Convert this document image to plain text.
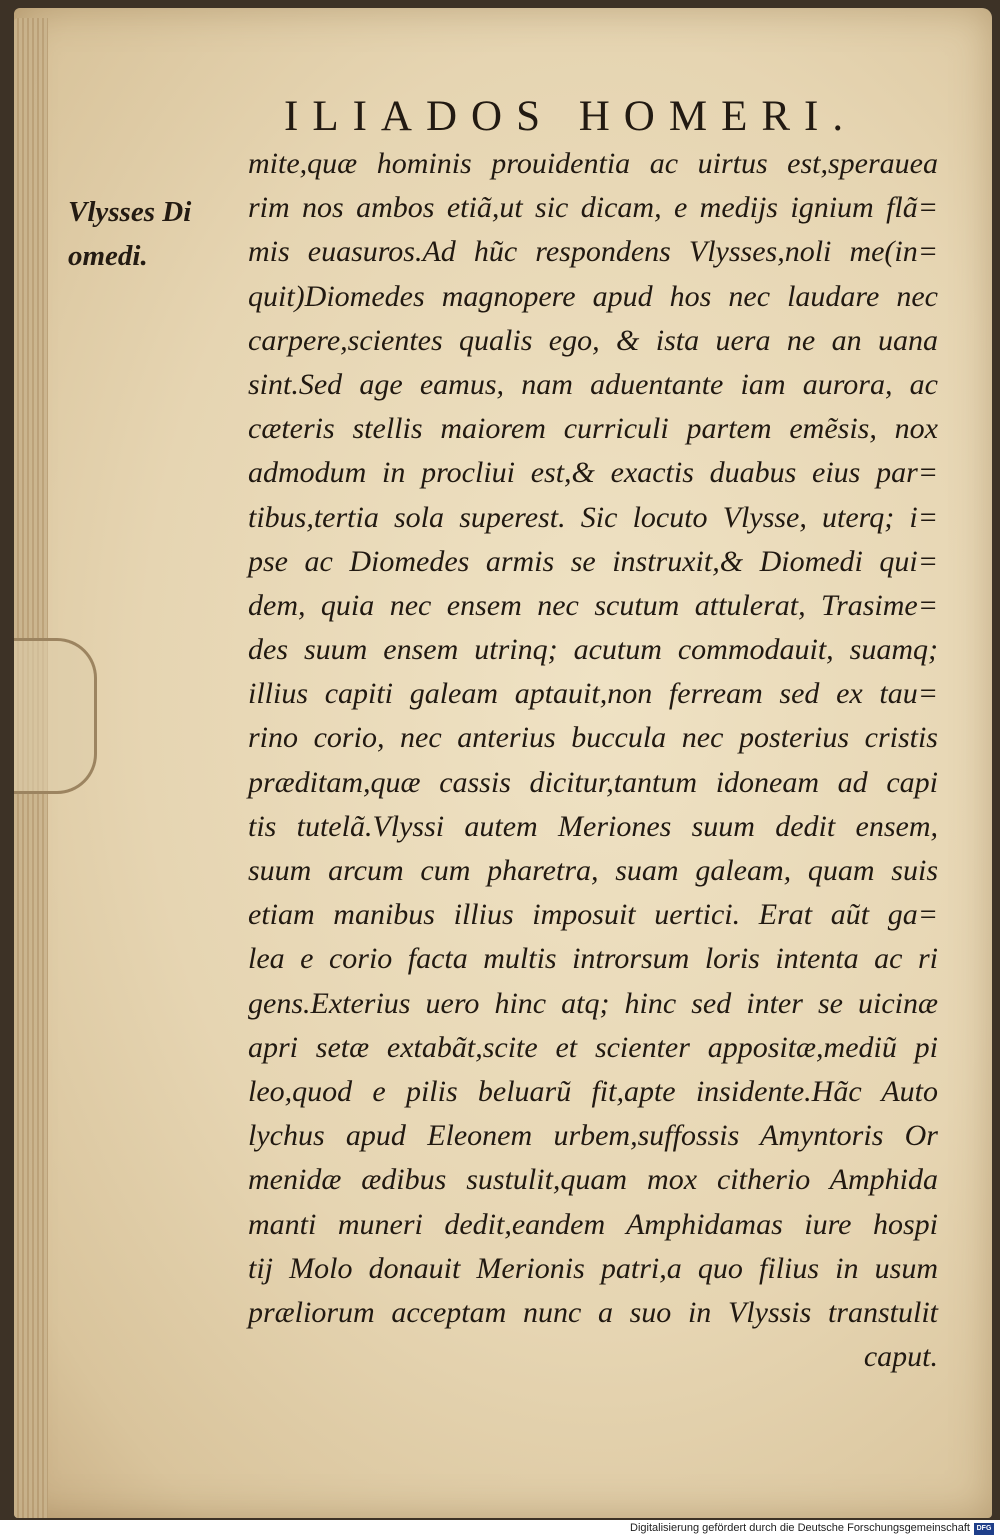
ILIADOS HOMERI.
Vlysses Di
omedi.
mite,quæ hominis prouidentia ac uirtus est,sperauea
rim nos ambos etiã,ut sic dicam, e medijs ignium flã=
mis euasuros.Ad hũc respondens Vlysses,noli me(in=
quit)Diomedes magnopere apud hos nec laudare nec
carpere,scientes qualis ego, & ista uera ne an uana
sint.Sed age eamus, nam aduentante iam aurora, ac
cæteris stellis maiorem curriculi partem emẽsis, nox
admodum in procliui est,& exactis duabus eius par=
tibus,tertia sola superest. Sic locuto Vlysse, uterq; i=
pse ac Diomedes armis se instruxit,& Diomedi qui=
dem, quia nec ensem nec scutum attulerat, Trasime=
des suum ensem utrinq; acutum commodauit, suamq;
illius capiti galeam aptauit,non ferream sed ex tau=
rino corio, nec anterius buccula nec posterius cristis
præditam,quæ cassis dicitur,tantum idoneam ad capi
tis tutelã.Vlyssi autem Meriones suum dedit ensem,
suum arcum cum pharetra, suam galeam, quam suis
etiam manibus illius imposuit uertici. Erat aũt ga=
lea e corio facta multis introrsum loris intenta ac ri
gens.Exterius uero hinc atq; hinc sed inter se uicinæ
apri setæ extabãt,scite et scienter appositæ,mediũ pi
leo,quod e pilis beluarũ fit,apte insidente.Hãc Auto
lychus apud Eleonem urbem,suffossis Amyntoris Or
menidæ ædibus sustulit,quam mox citherio Amphida
manti muneri dedit,eandem Amphidamas iure hospi
tij Molo donauit Merionis patri,a quo filius in usum
præliorum acceptam nunc a suo in Vlyssis transtulit
caput.
Digitalisierung gefördert durch die Deutsche Forschungsgemeinschaft DFG
